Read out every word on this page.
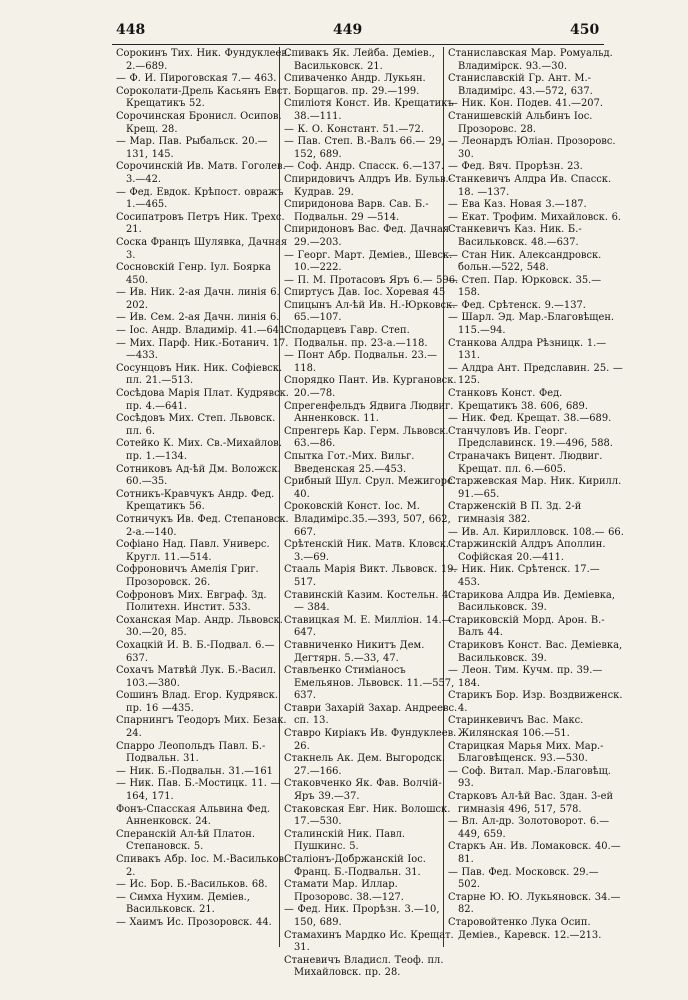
448	449	450

Сорокинъ Тих. Ник. Фундуклеев. 2.—689.

— Ф. И. Пироговская 7.— 463.

Сороколати-Дрель Касьянъ Евст. Крещатикъ 52.

Сорочинская Бронисл. Осипов. Крещ. 28.

— Мар. Пав. Рыбальск. 20.— 131, 145.

Сорочинскій Ив. Матв. Гоголев. 3.—42.

— Фед. Евдок. Крѣпост. овражъ 1.—465.

Сосипатровъ Петръ Ник. Трехс. 21.

Соска Францъ Шулявка, Дачная 3.

Сосновскій Генр. Іул. Боярка 450.

— Ив. Ник. 2-ая Дачн. линія 6. 202.

— Ив. Сем. 2-ая Дачн. линія 6.

— Іос. Андр. Владимір. 41.—641.

— Мих. Парф. Ник.-Ботанич. 17.—433.

Сосунцовъ Ник. Ник. Софіевск. пл. 21.—513.

Сосѣдова Марія Плат. Кудрявск. пр. 4.—641.

Сосѣдовъ Мих. Степ. Львовск. пл. 6.

Сотейко К. Мих. Св.-Михайлов. пр. 1.—134.

Сотниковъ Ад-ѣй Дм. Воложск. 60.—35.

Сотникъ-Кравчукъ Андр. Фед. Крещатикъ 56.

Сотничукъ Ив. Фед. Степановск. 2-а.—140.

Софіано Над. Павл. Универс. Кругл. 11.—514.

Софроновичъ Амелія Григ. Прозоровск. 26.

Софроновъ Мих. Евграф. Зд. Политехн. Инстит. 533.

Соханская Мар. Андр. Львовск. 30.—20, 85.

Сохацкій И. В. Б.-Подвал. 6.— 637.

Сохачъ Матвѣй Лук. Б.-Васил. 103.—380.

Сошинъ Влад. Егор. Кудрявск. пр. 16 —435.

Спарнингъ Теодоръ Мих. Безак. 24.

Спарро Леопольдъ Павл. Б.-Подвальн. 31.

— Ник. Б.-Подвальн. 31.—161

— Ник. Пав. Б.-Мостицк. 11. —164, 171.

Фонъ-Спасская Альвина Фед. Анненковск. 24.

Сперанскій Ал-ѣй Платон. Степановск. 5.

Спивакъ Абр. Іос. М.-Васильков. 2.

— Ис. Бор. Б.-Васильков. 68.

— Симха Нухим. Деміев., Васильковск. 21.

— Хаимъ Ис. Прозоровск. 44.

Спивакъ Як. Лейба. Деміев., Васильковск. 21.

Спиваченко Андр. Лукьян. Борщагов. пр. 29.—199.

Спиліотя Конст. Ив. Крещатикъ 38.—111.

— К. О. Констант. 51.—72.

— Пав. Степ. В.-Валъ 66.— 29, 152, 689.

— Соф. Андр. Спасск. 6.—137.

Спиридовичъ Алдръ Ив. Бульв.-Кудрав. 29.

Спиридонова Варв. Сав. Б.-Подвальн. 29 —514.

Спиридоновъ Вас. Фед. Дачная 29.—203.

— Георг. Март. Деміев., Шевск. 10.—222.

— П. М. Протасовъ Яръ 6.— 596.

Спиртусъ Дав. Іос. Хоревая 45

Спицынъ Ал-ѣй Ив. Н.-Юрковск. 65.—107.

Сподарцевъ Гавр. Степ. Подвальн. пр. 23-а.—118.

— Понт Абр. Подвальн. 23.— 118.

Спорядко Пант. Ив. Кургановск. 20.—78.

Спрегенфельдъ Ядвига Людвиг. Анненковск. 11.

Спренгерь Кар. Герм. Львовск. 63.—86.

Спытка Гот.-Мих. Вильг. Введенская 25.—453.

Срибный Шул. Срул. Межигорс. 40.

Сроковскій Конст. Іос. М. Владимірс.35.—393, 507, 662, 667.

Срѣтенскій Ник. Матв. Кловск. 3.—69.

Стааль Марія Викт. Львовск. 19. 517.

Ставинскій Казим. Костельн. 4.— 384.

Ставицкая М. Е. Милліон. 14.— 647.

Ставниченко Никитъ Дем. Дегтярн. 5.—33, 47.

Стављенко Стиміаносъ Емельянов. Львовск. 11.—557, 637.

Ставри Захарій Захар. Андреевс. сп. 13.

Ставро Киріакъ Ив. Фундуклеев. 26.

Стакнель Ак. Дем. Выгородск. 27.—166.

Стаковченко Як. Фав. Волчій-Яръ 39.—37.

Стаковская Евг. Ник. Волошск. 17.—530.

Сталинскій Ник. Павл. Пушкинс. 5.

Сталіонъ-Добржанскій Іос. Франц. Б.-Подвальн. 31.

Стамати Мар. Иллар. Прозоровс. 38.—127.

— Фед. Ник. Прорѣзн. 3.—10, 150, 689.

Стамахинъ Мардко Ис. Крещат. 31.

Станевичъ Владисл. Теоф. пл. Михайловск. пр. 28.

Станиславская Мар. Ромуальд. Владимірск. 93.—30.

Станиславскій Гр. Ант. М.-Владимірс. 43.—572, 637.

— Ник. Кон. Подев. 41.—207.

Станишевскій Альбинъ Іос. Прозоровс. 28.

— Леонардъ Юліан. Прозоровс. 30.

— Фед. Вяч. Прорѣзн. 23.

Станкевичъ Алдра Ив. Спасск. 18. —137.

— Ева Каз. Новая 3.—187.

— Екат. Трофим. Михайловск. 6.

Станкевичъ Каз. Ник. Б.-Васильковск. 48.—637.

— Стан Ник. Александровск. больн.—522, 548.

— Степ. Пар. Юрковск. 35.— 158.

— Фед. Срѣтенск. 9.—137.

— Шарл. Эд. Мар.-Благовѣщен. 115.—94.

Станкова Алдра Рѣзницк. 1.— 131.

— Алдра Ант. Предславин. 25. —125.

Станковъ Конст. Фед. Крещатикъ 38. 606, 689.

— Ник. Фед. Крещат. 38.—689.

Станчуловъ Ив. Георг. Предславинск. 19.—496, 588.

Страначакъ Вицент. Людвиг. Крещат. пл. 6.—605.

Старжевская Мар. Ник. Кирилл. 91.—65.

Старженскій В П. Зд. 2-й гимназія 382.

— Ив. Ал. Кирилловск. 108.— 66.

Старжинскій Алдръ Аполлин. Софійская 20.—411.

— Ник. Ник. Срѣтенск. 17.— 453.

Старикова Алдра Ив. Деміевка, Васильковск. 39.

Стариковскій Морд. Арон. В.-Валъ 44.

Стариковъ Конст. Вас. Деміевка, Васильковск. 39.

— Леон. Тим. Кучм. пр. 39.— 184.

Старикъ Бор. Изр. Воздвиженск. 4.

Старинкевичъ Вас. Макс. Жилянская 106.—51.

Старицкая Марья Мих. Мар.-Благовѣщенск. 93.—530.

— Соф. Витал. Мар.-Благовѣщ. 93.

Старковъ Ал-ѣй Вас. Здан. 3-ей гимназія 496, 517, 578.

— Вл. Ал-др. Золотоворот. 6.— 449, 659.

Старкъ Ан. Ив. Ломаковск. 40.— 81.

— Пав. Фед. Московск. 29.— 502.

Старне Ю. Ю. Лукьяновск. 34.— 82.

Старовойтенко Лука Осип. Деміев., Каревск. 12.—213.
